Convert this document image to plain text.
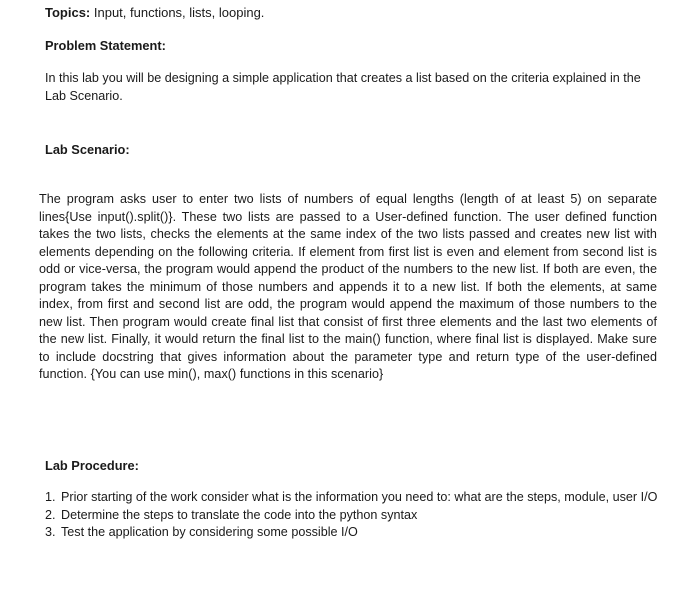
Topics: Input, functions, lists, looping.
Problem Statement:
In this lab you will be designing a simple application that creates a list based on the criteria explained in the Lab Scenario.
Lab Scenario:
The program asks user to enter two lists of numbers of equal lengths (length of at least 5) on separate lines{Use input().split()}. These two lists are passed to a User-defined function. The user defined function takes the two lists, checks the elements at the same index of the two lists passed and creates new list with elements depending on the following criteria. If element from first list is even and element from second list is odd or vice-versa, the program would append the product of the numbers to the new list. If both are even, the program takes the minimum of those numbers and appends it to a new list. If both the elements, at same index, from first and second list are odd, the program would append the maximum of those numbers to the new list. Then program would create final list that consist of first three elements and the last two elements of the new list. Finally, it would return the final list to the main() function, where final list is displayed. Make sure to include docstring that gives information about the parameter type and return type of the user-defined function. {You can use min(), max() functions in this scenario}
Lab Procedure:
1. Prior starting of the work consider what is the information you need to: what are the steps, module, user I/O
2. Determine the steps to translate the code into the python syntax
3. Test the application by considering some possible I/O
